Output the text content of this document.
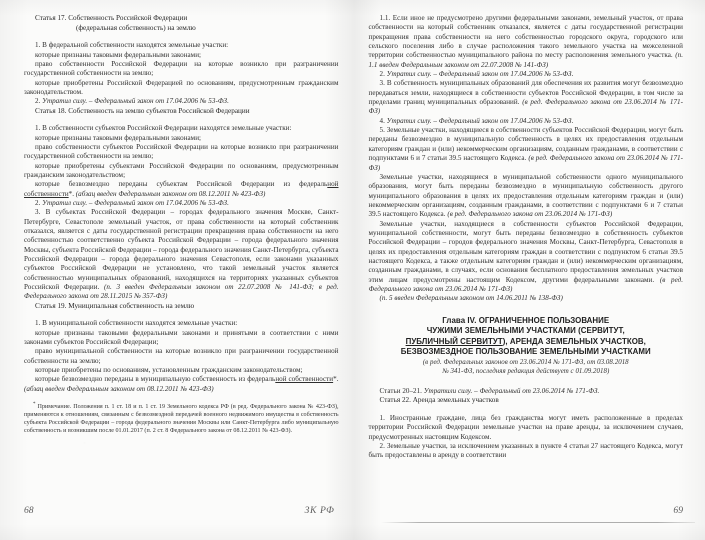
Статья 17. Собственность Российской Федерации
(федеральная собственность) на землю

1. В федеральной собственности находятся земельные участки:

которые признаны таковыми федеральными законами;

право собственности Российской Федерации на которые возникло при разграничении государственной собственности на землю;

которые приобретены Российской Федерацией по основаниям, предусмотренным гражданским законодательством.

2. Утратил силу. – Федеральный закон от 17.04.2006 № 53-ФЗ.

Статья 18. Собственность на землю субъектов Российской Федерации

1. В собственности субъектов Российской Федерации находятся земельные участки:

которые признаны таковыми федеральными законами;

право собственности субъектов Российской Федерации на которые возникло при разграничении государственной собственности на землю;

которые приобретены субъектами Российской Федерации по основаниям, предусмотренным гражданским законодательством;

которые безвозмездно переданы субъектам Российской Федерации из федеральной собственности*. (абзац введен Федеральным законом от 08.12.2011 № 423-ФЗ)

2. Утратил силу. – Федеральный закон от 17.04.2006 № 53-ФЗ.

3. В субъектах Российской Федерации – городах федерального значения Москве, Санкт-Петербурге, Севастополе земельный участок, от права собственности на который собственник отказался, является с даты государственной регистрации прекращения права собственности на него собственностью соответственно субъекта Российской Федерации – города федерального значения Москвы, субъекта Российской Федерации – города федерального значения Санкт-Петербурга, субъекта Российской Федерации – города федерального значения Севастополя, если законами указанных субъектов Российской Федерации не установлено, что такой земельный участок является собственностью муниципальных образований, находящихся на территориях указанных субъектов Российской Федерации. (п. 3 введен Федеральным законом от 22.07.2008 № 141-ФЗ; в ред. Федерального закона от 28.11.2015 № 357-ФЗ)

Статья 19. Муниципальная собственность на землю

1. В муниципальной собственности находятся земельные участки:

которые признаны таковыми федеральными законами и принятыми в соответствии с ними законами субъектов Российской Федерации;

право муниципальной собственности на которые возникло при разграничении государственной собственности на землю;

которые приобретены по основаниям, установленным гражданским законодательством;

которые безвозмездно переданы в муниципальную собственность из федеральной собственности*. (абзац введен Федеральным законом от 08.12.2011 № 423-ФЗ)

* Примечание. Положения п. 1 ст. 18 и п. 1 ст. 19 Земельного кодекса РФ (в ред. Федерального закона № 423-ФЗ), применяются к отношениям, связанным с безвозмездной передачей военного недвижимого имущества в собственность субъекта Российской Федерации – города федерального значения Москвы или Санкт-Петербурга либо муниципальную собственность и возникшим после 01.01.2017 (п. 2 ст. 8 Федерального закона от 08.12.2011 № 423-ФЗ).
68	ЗК РФ

1.1. Если иное не предусмотрено другими федеральными законами, земельный участок, от права собственности на который собственник отказался, является с даты государственной регистрации прекращения права собственности на него собственностью городского округа, городского или сельского поселения либо в случае расположения такого земельного участка на межселенной территории собственностью муниципального района по месту расположения земельного участка. (п. 1.1 введен Федеральным законом от 22.07.2008 № 141-ФЗ)

2. Утратил силу. – Федеральный закон от 17.04.2006 № 53-ФЗ.

3. В собственность муниципальных образований для обеспечения их развития могут безвозмездно передаваться земли, находящиеся в собственности субъектов Российской Федерации, в том числе за пределами границ муниципальных образований. (в ред. Федерального закона от 23.06.2014 № 171-ФЗ)

4. Утратил силу. – Федеральный закон от 17.04.2006 № 53-ФЗ.

5. Земельные участки, находящиеся в собственности субъектов Российской Федерации, могут быть переданы безвозмездно в муниципальную собственность в целях их предоставления отдельным категориям граждан и (или) некоммерческим организациям, созданным гражданами, в соответствии с подпунктами 6 и 7 статьи 39.5 настоящего Кодекса. (в ред. Федерального закона от 23.06.2014 № 171-ФЗ)

Земельные участки, находящиеся в муниципальной собственности одного муниципального образования, могут быть переданы безвозмездно в муниципальную собственность другого муниципального образования в целях их предоставления отдельным категориям граждан и (или) некоммерческим организациям, созданным гражданами, в соответствии с подпунктами 6 и 7 статьи 39.5 настоящего Кодекса. (в ред. Федерального закона от 23.06.2014 № 171-ФЗ)

Земельные участки, находящиеся в собственности субъектов Российской Федерации, муниципальной собственности, могут быть переданы безвозмездно в собственность субъектов Российской Федерации – городов федерального значения Москвы, Санкт-Петербурга, Севастополя в целях их предоставления отдельным категориям граждан в соответствии с подпунктом 6 статьи 39.5 настоящего Кодекса, а также отдельным категориям граждан и (или) некоммерческим организациям, созданным гражданами, в случаях, если основания бесплатного предоставления земельных участков этим лицам предусмотрены настоящим Кодексом, другими федеральными законами. (в ред. Федерального закона от 23.06.2014 № 171-ФЗ)

(п. 5 введен Федеральным законом от 14.06.2011 № 138-ФЗ)

Глава IV. ОГРАНИЧЕННОЕ ПОЛЬЗОВАНИЕ
ЧУЖИМИ ЗЕМЕЛЬНЫМИ УЧАСТКАМИ (СЕРВИТУТ,
ПУБЛИЧНЫЙ СЕРВИТУТ), АРЕНДА ЗЕМЕЛЬНЫХ УЧАСТКОВ,
БЕЗВОЗМЕЗДНОЕ ПОЛЬЗОВАНИЕ ЗЕМЕЛЬНЫМИ УЧАСТКАМИ
(в ред. Федеральных законов от 23.06.2014 № 171-ФЗ, от 03.08.2018
№ 341-ФЗ, последняя редакция действует с 01.09.2018)

Статьи 20–21. Утратили силу. – Федеральный от 23.06.2014 № 171-ФЗ.

Статья 22. Аренда земельных участков

1. Иностранные граждане, лица без гражданства могут иметь расположенные в пределах территории Российской Федерации земельные участки на праве аренды, за исключением случаев, предусмотренных настоящим Кодексом.

2. Земельные участки, за исключением указанных в пункте 4 статьи 27 настоящего Кодекса, могут быть предоставлены в аренду в соответствии

69
